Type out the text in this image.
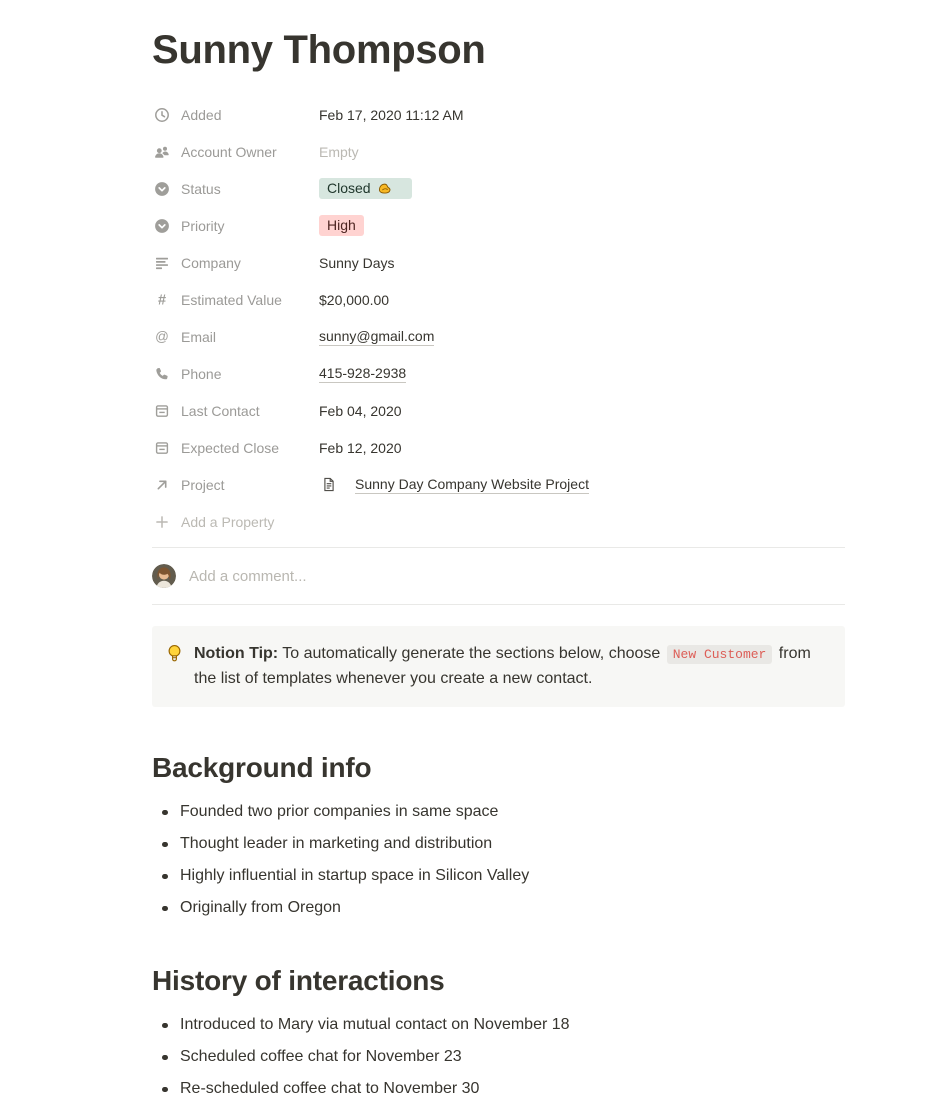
Sunny Thompson
Added	Feb 17, 2020 11:12 AM
Account Owner	Empty
Status	Closed
Priority	High
Company	Sunny Days
# Estimated Value	$20,000.00
@ Email	sunny@gmail.com
Phone	415-928-2938
Last Contact	Feb 04, 2020
Expected Close	Feb 12, 2020
Project	Sunny Day Company Website Project
Add a Property
Add a comment...
Notion Tip: To automatically generate the sections below, choose New Customer from the list of templates whenever you create a new contact.
Background info
Founded two prior companies in same space
Thought leader in marketing and distribution
Highly influential in startup space in Silicon Valley
Originally from Oregon
History of interactions
Introduced to Mary via mutual contact on November 18
Scheduled coffee chat for November 23
Re-scheduled coffee chat to November 30
